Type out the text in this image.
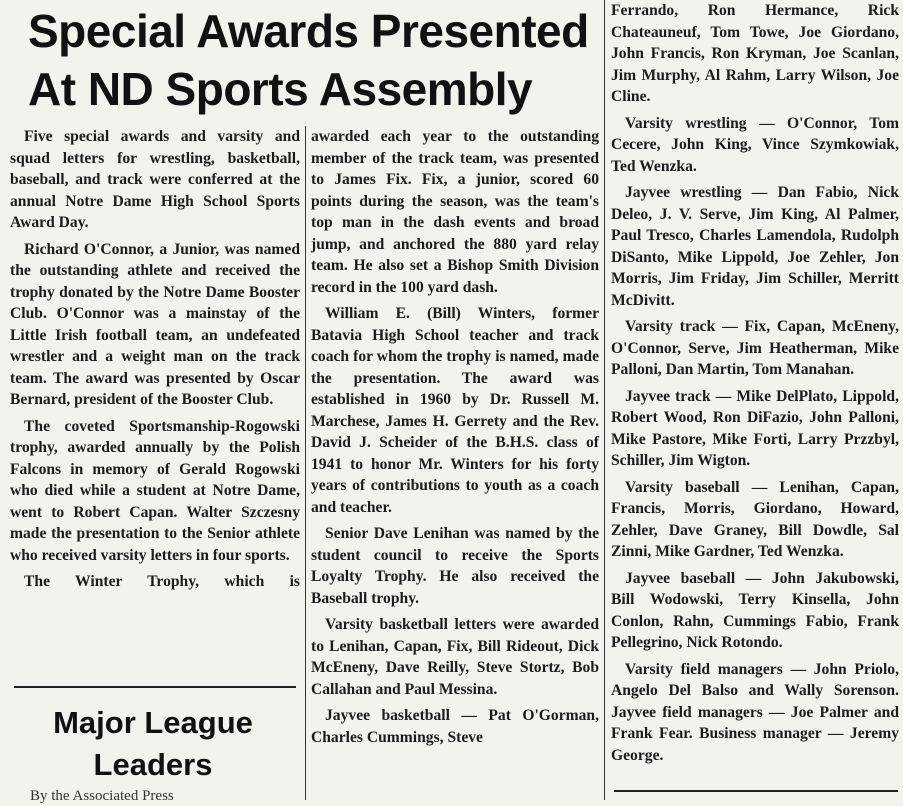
Special Awards Presented
At ND Sports Assembly

Five special awards and varsity and squad letters for wrestling, basketball, baseball, and track were conferred at the annual Notre Dame High School Sports Award Day.

Richard O'Connor, a Junior, was named the outstanding athlete and received the trophy donated by the Notre Dame Booster Club. O'Connor was a mainstay of the Little Irish football team, an undefeated wrestler and a weight man on the track team. The award was presented by Oscar Bernard, president of the Booster Club.

The coveted Sportsmanship-Rogowski trophy, awarded annually by the Polish Falcons in memory of Gerald Rogowski who died while a student at Notre Dame, went to Robert Capan. Walter Szczesny made the presentation to the Senior athlete who received varsity letters in four sports.

The Winter Trophy, which is

Major League
Leaders
By the Associated Press

awarded each year to the outstanding member of the track team, was presented to James Fix. Fix, a junior, scored 60 points during the season, was the team's top man in the dash events and broad jump, and anchored the 880 yard relay team. He also set a Bishop Smith Division record in the 100 yard dash.

William E. (Bill) Winters, former Batavia High School teacher and track coach for whom the trophy is named, made the presentation. The award was established in 1960 by Dr. Russell M. Marchese, James H. Gerrety and the Rev. David J. Scheider of the B.H.S. class of 1941 to honor Mr. Winters for his forty years of contributions to youth as a coach and teacher.

Senior Dave Lenihan was named by the student council to receive the Sports Loyalty Trophy. He also received the Baseball trophy.

Varsity basketball letters were awarded to Lenihan, Capan, Fix, Bill Rideout, Dick McEneny, Dave Reilly, Steve Stortz, Bob Callahan and Paul Messina.

Jayvee basketball — Pat O'Gorman, Charles Cummings, Steve

Ferrando, Ron Hermance, Rick Chateauneuf, Tom Towe, Joe Giordano, John Francis, Ron Kryman, Joe Scanlan, Jim Murphy, Al Rahm, Larry Wilson, Joe Cline.

Varsity wrestling — O'Connor, Tom Cecere, John King, Vince Szymkowiak, Ted Wenzka.

Jayvee wrestling — Dan Fabio, Nick Deleo, J. V. Serve, Jim King, Al Palmer, Paul Tresco, Charles Lamendola, Rudolph DiSanto, Mike Lippold, Joe Zehler, Jon Morris, Jim Friday, Jim Schiller, Merritt McDivitt.

Varsity track — Fix, Capan, McEneny, O'Connor, Serve, Jim Heatherman, Mike Palloni, Dan Martin, Tom Manahan.

Jayvee track — Mike DelPlato, Lippold, Robert Wood, Ron DiFazio, John Palloni, Mike Pastore, Mike Forti, Larry Przzbyl, Schiller, Jim Wigton.

Varsity baseball — Lenihan, Capan, Francis, Morris, Giordano, Howard, Zehler, Dave Graney, Bill Dowdle, Sal Zinni, Mike Gardner, Ted Wenzka.

Jayvee baseball — John Jakubowski, Bill Wodowski, Terry Kinsella, John Conlon, Rahn, Cummings Fabio, Frank Pellegrino, Nick Rotondo.

Varsity field managers — John Priolo, Angelo Del Balso and Wally Sorenson. Jayvee field managers — Joe Palmer and Frank Fear. Business manager — Jeremy George.
